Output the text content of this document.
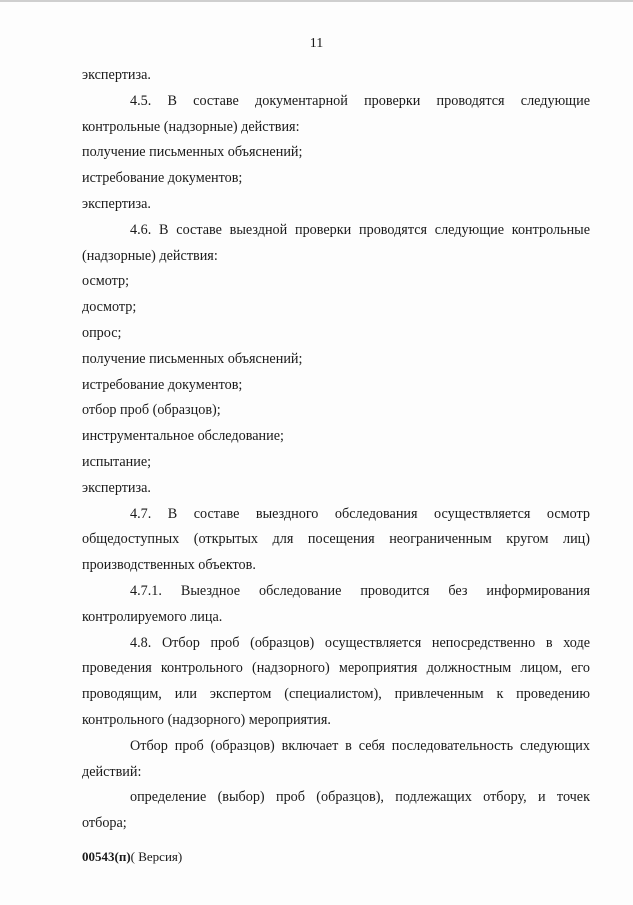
11

экспертиза.

4.5. В составе документарной проверки проводятся следующие

контрольные (надзорные) действия:

получение письменных объяснений;

истребование документов;

экспертиза.

4.6. В составе выездной проверки проводятся следующие контрольные

(надзорные) действия:

осмотр;

досмотр;

опрос;

получение письменных объяснений;

истребование документов;

отбор проб (образцов);

инструментальное обследование;

испытание;

экспертиза.

4.7. В составе выездного обследования осуществляется осмотр

общедоступных (открытых для посещения неограниченным кругом лиц)

производственных объектов.

4.7.1. Выездное обследование проводится без информирования

контролируемого лица.

4.8. Отбор проб (образцов) осуществляется непосредственно в ходе

проведения контрольного (надзорного) мероприятия должностным лицом, его

проводящим, или экспертом (специалистом), привлеченным к проведению

контрольного (надзорного) мероприятия.

Отбор проб (образцов) включает в себя последовательность следующих

действий:

определение (выбор) проб (образцов), подлежащих отбору, и точек

отбора;

00543(п)( Версия)
